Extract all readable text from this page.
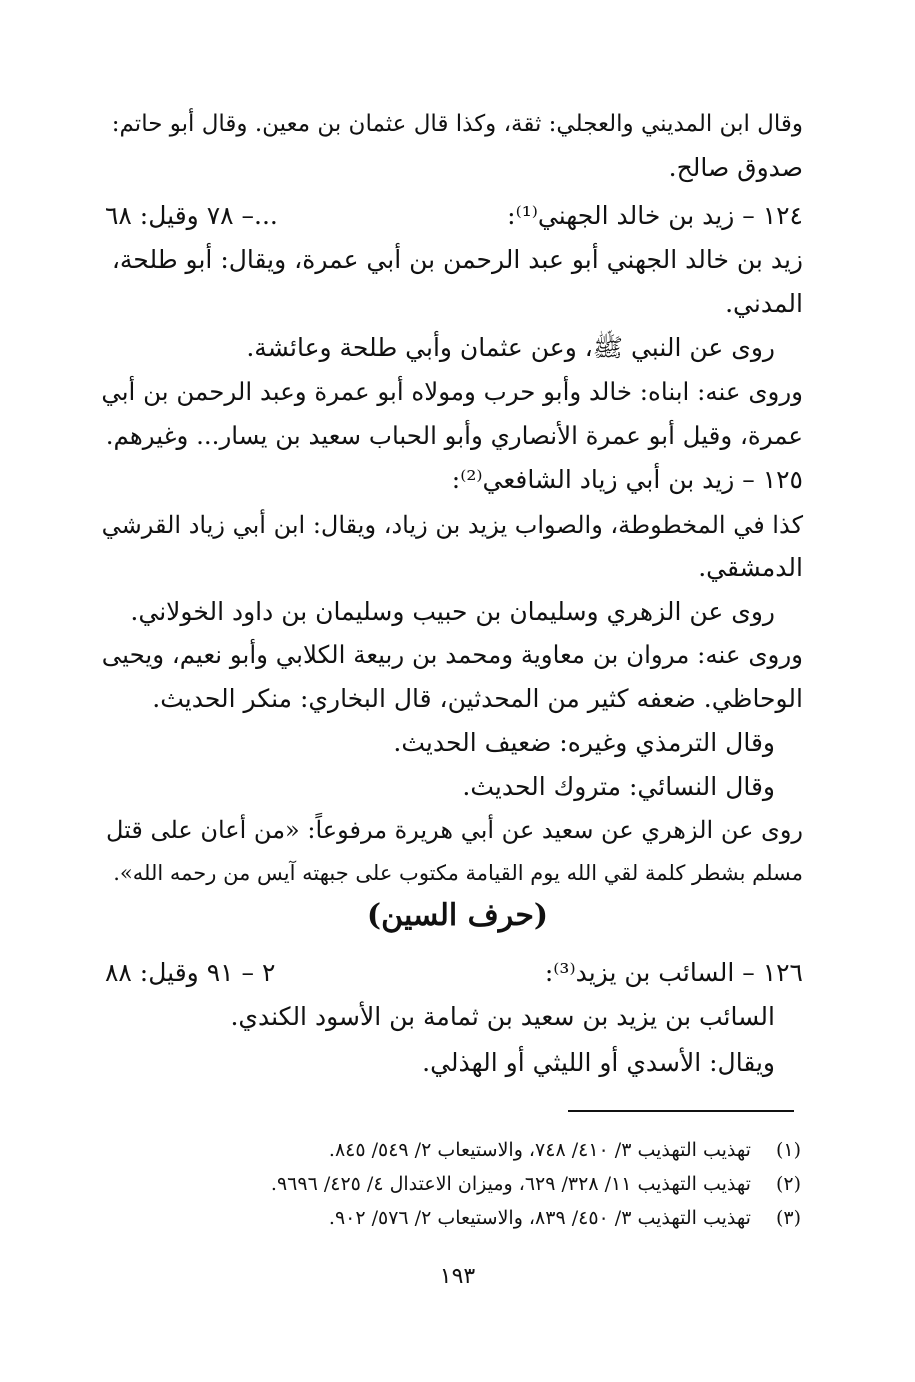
وقال ابن المديني والعجلي: ثقة، وكذا قال عثمان بن معين. وقال أبو حاتم:
صدوق صالح.
١٢٤ – زيد بن خالد الجهني⁽¹⁾:
...– ٧٨ وقيل: ٦٨
زيد بن خالد الجهني أبو عبد الرحمن بن أبي عمرة، ويقال: أبو طلحة،
المدني.
روى عن النبي ﷺ، وعن عثمان وأبي طلحة وعائشة.
وروى عنه: ابناه: خالد وأبو حرب ومولاه أبو عمرة وعبد الرحمن بن أبي
عمرة، وقيل أبو عمرة الأنصاري وأبو الحباب سعيد بن يسار... وغيرهم.
١٢٥ – زيد بن أبي زياد الشافعي⁽²⁾:
كذا في المخطوطة، والصواب يزيد بن زياد، ويقال: ابن أبي زياد القرشي
الدمشقي.
روى عن الزهري وسليمان بن حبيب وسليمان بن داود الخولاني.
وروى عنه: مروان بن معاوية ومحمد بن ربيعة الكلابي وأبو نعيم، ويحيى
الوحاظي. ضعفه كثير من المحدثين، قال البخاري: منكر الحديث.
وقال الترمذي وغيره: ضعيف الحديث.
وقال النسائي: متروك الحديث.
روى عن الزهري عن سعيد عن أبي هريرة مرفوعاً: «من أعان على قتل
مسلم بشطر كلمة لقي الله يوم القيامة مكتوب على جبهته آيس من رحمه الله».
(حرف السين)
١٢٦ – السائب بن يزيد⁽³⁾:
٢ – ٩١ وقيل: ٨٨
السائب بن يزيد بن سعيد بن ثمامة بن الأسود الكندي.
ويقال: الأسدي أو الليثي أو الهذلي.
(١) تهذيب التهذيب ٣/ ٤١٠/ ٧٤٨، والاستيعاب ٢/ ٥٤٩/ ٨٤٥.
(٢) تهذيب التهذيب ١١/ ٣٢٨/ ٦٢٩، وميزان الاعتدال ٤/ ٤٢٥/ ٩٦٩٦.
(٣) تهذيب التهذيب ٣/ ٤٥٠/ ٨٣٩، والاستيعاب ٢/ ٥٧٦/ ٩٠٢.
١٩٣
